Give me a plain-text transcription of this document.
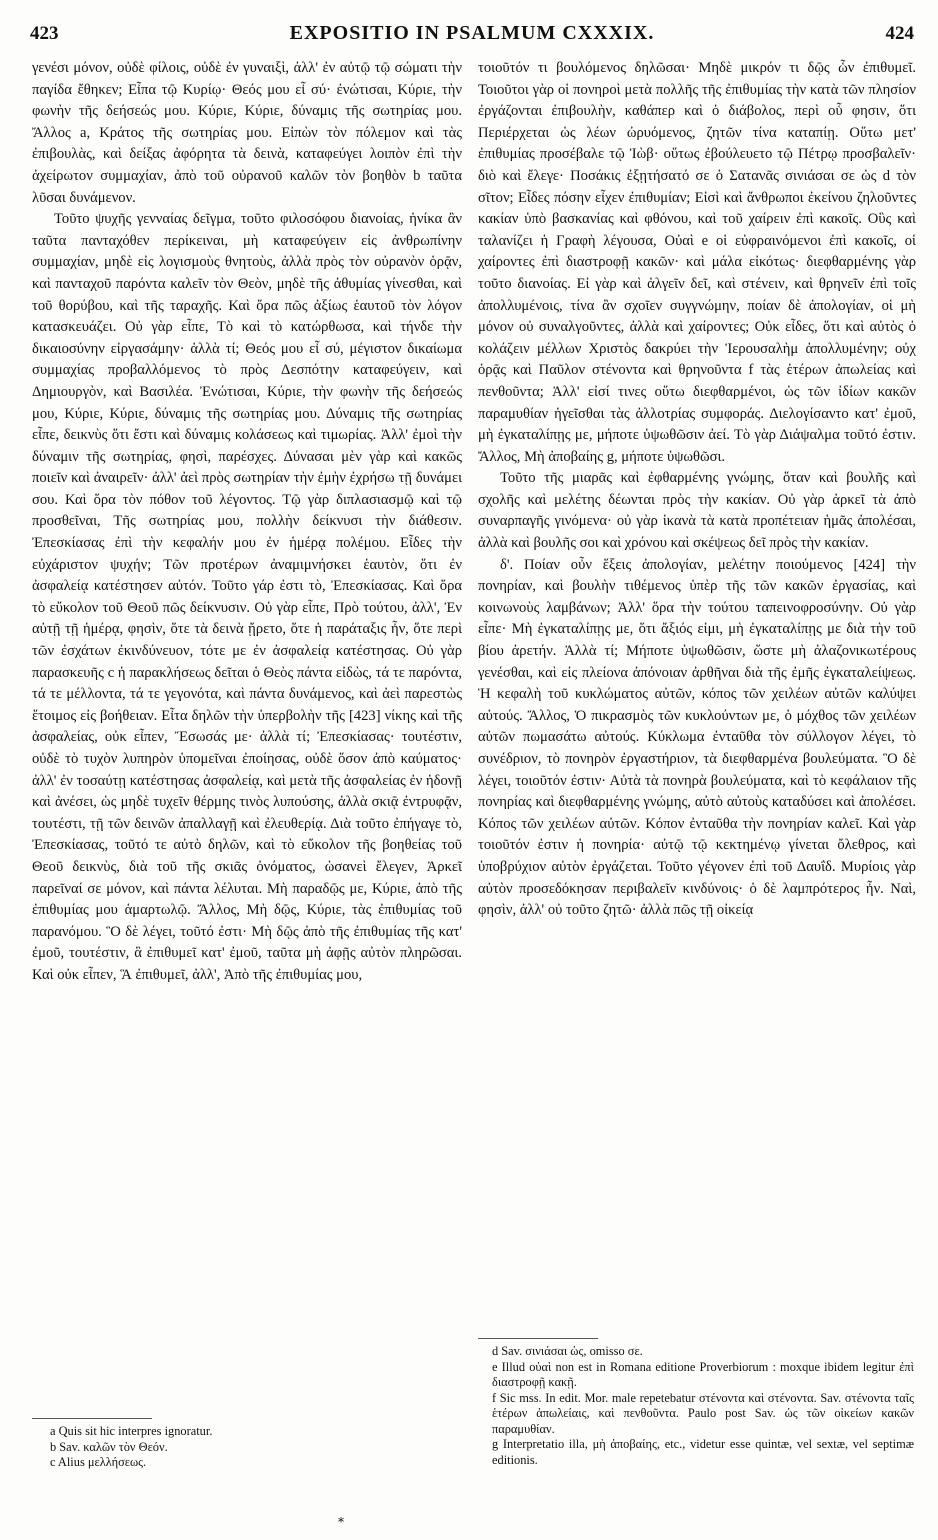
423	EXPOSITIO IN PSALMUM CXXXIX.	424

γενέσι μόνον, οὐδὲ φίλοις, οὐδὲ ἐν γυναιξὶ, ἀλλ' ἐν αὐτῷ τῷ σώματι τὴν παγίδα ἔθηκεν; Εἶπα τῷ Κυρίῳ· Θεός μου εἶ σύ· ἐνώτισαι, Κύριε, τὴν φωνὴν τῆς δεήσεώς μου. Κύριε, Κύριε, δύναμις τῆς σωτηρίας μου. Ἄλλος a, Κράτος τῆς σωτηρίας μου. Εἰπὼν τὸν πόλεμον καὶ τὰς ἐπιβουλὰς, καὶ δείξας ἀφόρητα τὰ δεινὰ, καταφεύγει λοιπὸν ἐπὶ τὴν ἀχείρωτον συμμαχίαν, ἀπὸ τοῦ οὐρανοῦ καλῶν τὸν βοηθὸν b ταῦτα λῦσαι δυνάμενον.

Τοῦτο ψυχῆς γενναίας δεῖγμα, τοῦτο φιλοσόφου διανοίας, ἡνίκα ἂν ταῦτα πανταχόθεν περίκειναι, μὴ καταφεύγειν εἰς ἀνθρωπίνην συμμαχίαν, μηδὲ εἰς λογισμοὺς θνητοὺς, ἀλλὰ πρὸς τὸν οὐρανὸν ὁρᾷν, καὶ πανταχοῦ παρόντα καλεῖν τὸν Θεὸν, μηδὲ τῆς ἀθυμίας γίνεσθαι, καὶ τοῦ θορύβου, καὶ τῆς ταραχῆς. Καὶ ὅρα πῶς ἀξίως ἑαυτοῦ τὸν λόγον κατασκευάζει. Οὐ γὰρ εἶπε, Τὸ καὶ τὸ κατώρθωσα, καὶ τήνδε τὴν δικαιοσύνην εἰργασάμην· ἀλλὰ τί; Θεός μου εἶ σύ, μέγιστον δικαίωμα συμμαχίας προβαλλόμενος τὸ πρὸς Δεσπότην καταφεύγειν, καὶ Δημιουργὸν, καὶ Βασιλέα. Ἐνώτισαι, Κύριε, τὴν φωνὴν τῆς δεήσεώς μου, Κύριε, Κύριε, δύναμις τῆς σωτηρίας μου. Δύναμις τῆς σωτηρίας εἶπε, δεικνὺς ὅτι ἔστι καὶ δύναμις κολάσεως καὶ τιμωρίας. Ἀλλ' ἐμοὶ τὴν δύναμιν τῆς σωτηρίας, φησὶ, παρέσχες. Δύνασαι μὲν γὰρ καὶ κακῶς ποιεῖν καὶ ἀναιρεῖν· ἀλλ' ἀεὶ πρὸς σωτηρίαν τὴν ἐμὴν ἐχρήσω τῇ δυνάμει σου. Καὶ ὅρα τὸν πόθον τοῦ λέγοντος. Τῷ γὰρ διπλασιασμῷ καὶ τῷ προσθεῖναι, Τῆς σωτηρίας μου, πολλὴν δείκνυσι τὴν διάθεσιν. Ἐπεσκίασας ἐπὶ τὴν κεφαλήν μου ἐν ἡμέρᾳ πολέμου. Εἶδες τὴν εὐχάριστον ψυχήν; Τῶν προτέρων ἀναμιμνήσκει ἑαυτὸν, ὅτι ἐν ἀσφαλείᾳ κατέστησεν αὐτόν. Τοῦτο γάρ ἐστι τὸ, Ἐπεσκίασας. Καὶ ὅρα τὸ εὔκολον τοῦ Θεοῦ πῶς δείκνυσιν. Οὐ γὰρ εἶπε, Πρὸ τούτου, ἀλλ', Ἐν αὐτῇ τῇ ἡμέρᾳ, φησὶν, ὅτε τὰ δεινὰ ᾔρετο, ὅτε ἡ παράταξις ἦν, ὅτε περὶ τῶν ἐσχάτων ἐκινδύνευον, τότε με ἐν ἀσφαλείᾳ κατέστησας. Οὐ γὰρ παρασκευῆς c ἡ παρακλήσεως δεῖται ὁ Θεὸς πάντα εἰδὼς, τά τε παρόντα, τά τε μέλλοντα, τά τε γεγονότα, καὶ πάντα δυνάμενος, καὶ ἀεὶ παρεστὼς ἕτοιμος εἰς βοήθειαν. Εἶτα δηλῶν τὴν ὑπερβολὴν τῆς [423] νίκης καὶ τῆς ἀσφαλείας, οὐκ εἶπεν, Ἔσωσάς με· ἀλλὰ τί; Ἐπεσκίασας· τουτέστιν, οὐδὲ τὸ τυχὸν λυπηρὸν ὑπομεῖναι ἐποίησας, οὐδὲ ὅσον ἀπὸ καύματος· ἀλλ' ἐν τοσαύτῃ κατέστησας ἀσφαλείᾳ, καὶ μετὰ τῆς ἀσφαλείας ἐν ἡδονῇ καὶ ἀνέσει, ὡς μηδὲ τυχεῖν θέρμης τινὸς λυπούσης, ἀλλὰ σκιᾷ ἐντρυφᾷν, τουτέστι, τῇ τῶν δεινῶν ἀπαλλαγῇ καὶ ἐλευθερίᾳ. Διὰ τοῦτο ἐπήγαγε τὸ, Ἐπεσκίασας, τοῦτό τε αὐτὸ δηλῶν, καὶ τὸ εὔκολον τῆς βοηθείας τοῦ Θεοῦ δεικνὺς, διὰ τοῦ τῆς σκιᾶς ὀνόματος, ὡσανεὶ ἔλεγεν, Ἀρκεῖ παρεῖναί σε μόνον, καὶ πάντα λέλυται. Μὴ παραδῷς με, Κύριε, ἀπὸ τῆς ἐπιθυμίας μου ἁμαρτωλῷ. Ἄλλος, Μὴ δῷς, Κύριε, τὰς ἐπιθυμίας τοῦ παρανόμου. Ὃ δὲ λέγει, τοῦτό ἐστι· Μὴ δῷς ἀπὸ τῆς ἐπιθυμίας τῆς κατ' ἐμοῦ, τουτέστιν, ἃ ἐπιθυμεῖ κατ' ἐμοῦ, ταῦτα μὴ ἀφῇς αὐτὸν πληρῶσαι. Καὶ οὐκ εἶπεν, Ἃ ἐπιθυμεῖ, ἀλλ', Ἀπὸ τῆς ἐπιθυμίας μου,

τοιοῦτόν τι βουλόμενος δηλῶσαι· Μηδὲ μικρόν τι δῷς ὧν ἐπιθυμεῖ. Τοιοῦτοι γὰρ οἱ πονηροὶ μετὰ πολλῆς τῆς ἐπιθυμίας τὴν κατὰ τῶν πλησίον ἐργάζονται ἐπιβουλὴν, καθάπερ καὶ ὁ διάβολος, περὶ οὗ φησιν, ὅτι Περιέρχεται ὡς λέων ὠρυόμενος, ζητῶν τίνα καταπίῃ. Οὕτω μετ' ἐπιθυμίας προσέβαλε τῷ Ἰὼβ· οὕτως ἐβούλευετο τῷ Πέτρῳ προσβαλεῖν· διὸ καὶ ἔλεγε· Ποσάκις ἐξῃτήσατό σε ὁ Σατανᾶς σινιάσαι σε ὡς d τὸν σῖτον; Εἶδες πόσην εἶχεν ἐπιθυμίαν; Εἰσὶ καὶ ἄνθρωποι ἐκείνου ζηλοῦντες κακίαν ὑπὸ βασκανίας καὶ φθόνου, καὶ τοῦ χαίρειν ἐπὶ κακοῖς. Οὓς καὶ ταλανίζει ἡ Γραφὴ λέγουσα, Οὐαὶ e οἱ εὐφραινόμενοι ἐπὶ κακοῖς, οἱ χαίροντες ἐπὶ διαστροφῇ κακῶν· καὶ μάλα εἰκότως· διεφθαρμένης γὰρ τοῦτο διανοίας. Εἰ γὰρ καὶ ἀλγεῖν δεῖ, καὶ στένειν, καὶ θρηνεῖν ἐπὶ τοῖς ἀπολλυμένοις, τίνα ἂν σχοῖεν συγγνώμην, ποίαν δὲ ἀπολογίαν, οἱ μὴ μόνον οὐ συναλγοῦντες, ἀλλὰ καὶ χαίροντες; Οὐκ εἶδες, ὅτι καὶ αὐτὸς ὁ κολάζειν μέλλων Χριστὸς δακρύει τὴν Ἱερουσαλὴμ ἀπολλυμένην; οὐχ ὁρᾷς καὶ Παῦλον στένοντα καὶ θρηνοῦντα f τὰς ἑτέρων ἀπωλείας καὶ πενθοῦντα; Ἀλλ' εἰσί τινες οὕτω διεφθαρμένοι, ὡς τῶν ἰδίων κακῶν παραμυθίαν ἡγεῖσθαι τὰς ἀλλοτρίας συμφοράς. Διελογίσαντο κατ' ἐμοῦ, μὴ ἐγκαταλίπῃς με, μήποτε ὑψωθῶσιν ἀεί. Τὸ γὰρ Διάψαλμα τοῦτό ἐστιν. Ἄλλος, Μὴ ἀποβαίης g, μήποτε ὑψωθῶσι.

Τοῦτο τῆς μιαρᾶς καὶ ἐφθαρμένης γνώμης, ὅταν καὶ βουλῆς καὶ σχολῆς καὶ μελέτης δέωνται πρὸς τὴν κακίαν. Οὐ γὰρ ἀρκεῖ τὰ ἀπὸ συναρπαγῆς γινόμενα· οὐ γὰρ ἱκανὰ τὰ κατὰ προπέτειαν ἡμᾶς ἀπολέσαι, ἀλλὰ καὶ βουλῆς σοι καὶ χρόνου καὶ σκέψεως δεῖ πρὸς τὴν κακίαν.

δ'. Ποίαν οὖν ἕξεις ἀπολογίαν, μελέτην ποιούμενος [424] τὴν πονηρίαν, καὶ βουλὴν τιθέμενος ὑπὲρ τῆς τῶν κακῶν ἐργασίας, καὶ κοινωνοὺς λαμβάνων; Ἀλλ' ὅρα τὴν τούτου ταπεινοφροσύνην. Οὐ γὰρ εἶπε· Μὴ ἐγκαταλίπῃς με, ὅτι ἄξιός εἰμι, μὴ ἐγκαταλίπῃς με διὰ τὴν τοῦ βίου ἀρετήν. Ἀλλὰ τί; Μήποτε ὑψωθῶσιν, ὥστε μὴ ἀλαζονικωτέρους γενέσθαι, καὶ εἰς πλείονα ἀπόνοιαν ἀρθῆναι διὰ τῆς ἐμῆς ἐγκαταλείψεως. Ἡ κεφαλὴ τοῦ κυκλώματος αὐτῶν, κόπος τῶν χειλέων αὐτῶν καλύψει αὐτούς. Ἄλλος, Ὁ πικρασμὸς τῶν κυκλούντων με, ὁ μόχθος τῶν χειλέων αὐτῶν πωμασάτω αὐτούς. Κύκλωμα ἐνταῦθα τὸν σύλλογον λέγει, τὸ συνέδριον, τὸ πονηρὸν ἐργαστήριον, τὰ διεφθαρμένα βουλεύματα. Ὃ δὲ λέγει, τοιοῦτόν ἐστιν· Αὐτὰ τὰ πονηρὰ βουλεύματα, καὶ τὸ κεφάλαιον τῆς πονηρίας καὶ διεφθαρμένης γνώμης, αὐτὸ αὐτοὺς καταδύσει καὶ ἀπολέσει. Κόπος τῶν χειλέων αὐτῶν. Κόπον ἐνταῦθα τὴν πονηρίαν καλεῖ. Καὶ γὰρ τοιοῦτόν ἐστιν ἡ πονηρία· αὐτῷ τῷ κεκτημένῳ γίνεται ὄλεθρος, καὶ ὑποβρύχιον αὐτὸν ἐργάζεται. Τοῦτο γέγονεν ἐπὶ τοῦ Δαυΐδ. Μυρίοις γὰρ αὐτὸν προσεδόκησαν περιβαλεῖν κινδύνοις· ὁ δὲ λαμπρότερος ἦν. Ναὶ, φησὶν, ἀλλ' οὐ τοῦτο ζητῶ· ἀλλὰ πῶς τῇ οἰκείᾳ

a Quis sit hic interpres ignoratur.

b Sav. καλῶν τὸν Θεόν.

c Alius μελλήσεως.

d Sav. σινιάσαι ὡς, omisso σε.

e Illud οὐαὶ non est in Romana editione Proverbiorum : moxque ibidem legitur ἐπὶ διαστροφῇ κακῇ.

f Sic mss. In edit. Mor. male repetebatur στένοντα καὶ στένοντα. Sav. στένοντα ταῖς ἑτέρων ἀπωλείαις, καὶ πενθοῦντα. Paulo post Sav. ὡς τῶν οἰκείων κακῶν παραμυθίαν.

g Interpretatio illa, μὴ ἀποβαίης, etc., videtur esse quintæ, vel sextæ, vel septimæ editionis.

*
